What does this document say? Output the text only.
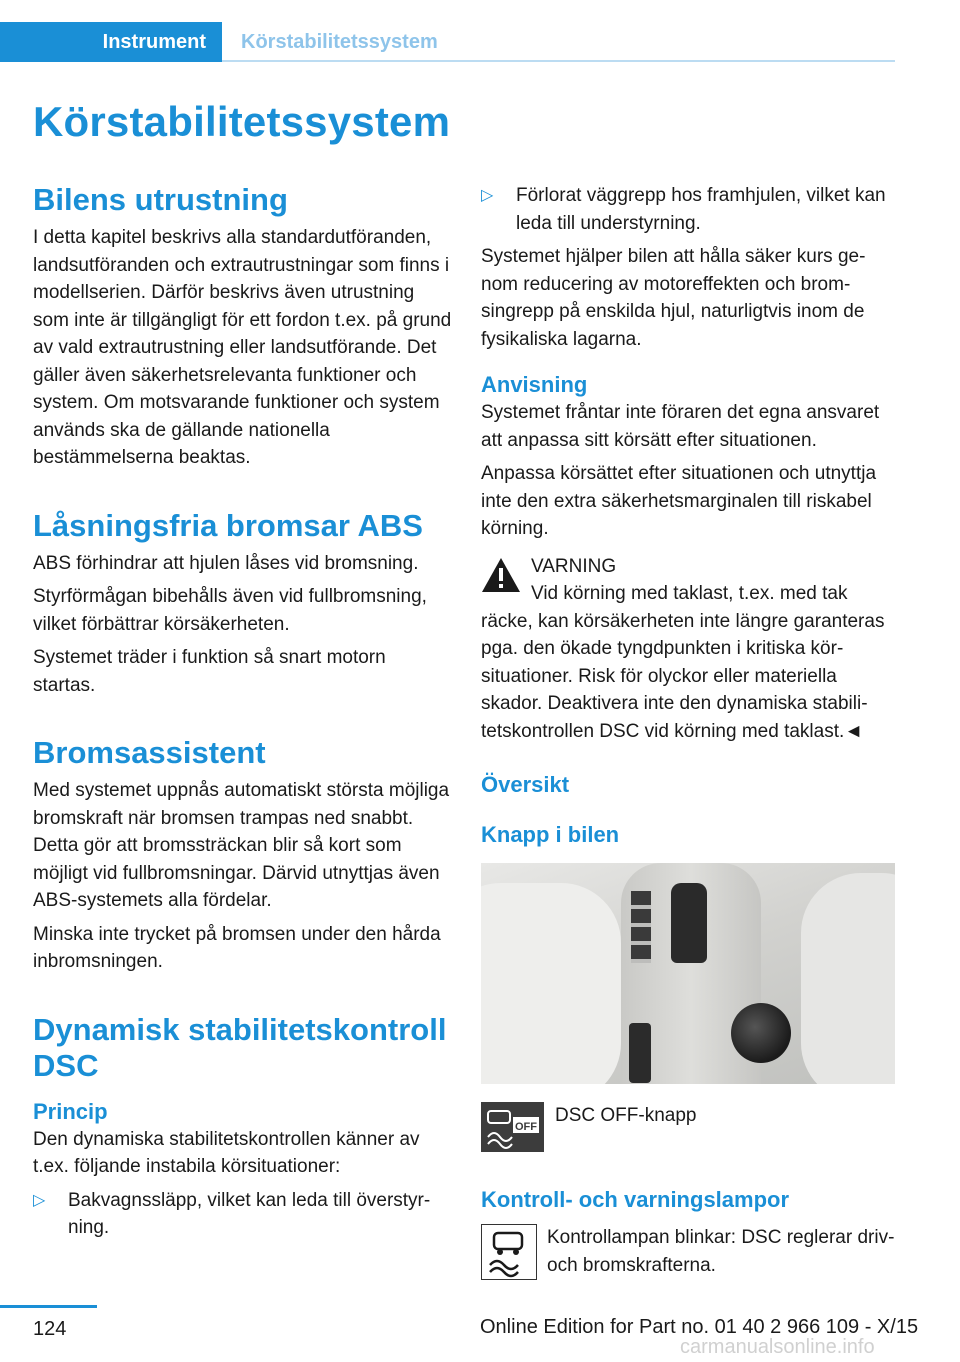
Instrument	Körstabilitetssystem
Körstabilitetssystem
Bilens utrustning

I detta kapitel beskrivs alla standardutföranden, landsutföranden och extrautrustningar som finns i modellserien. Därför beskrivs även utrustning som inte är tillgängligt för ett fordon t.ex. på grund av vald extrautrustning eller landsutförande. Det gäller även säkerhetsrelevanta funktioner och system. Om motsvarande funktioner och system används ska de gällande nationella bestämmelserna beaktas.

Låsningsfria bromsar ABS

ABS förhindrar att hjulen låses vid bromsning.

Styrförmågan bibehålls även vid fullbromsning, vilket förbättrar körsäkerheten.

Systemet träder i funktion så snart motorn startas.

Bromsassistent

Med systemet uppnås automatiskt största möjliga bromskraft när bromsen trampas ned snabbt. Detta gör att bromssträckan blir så kort som möjligt vid fullbromsningar. Därvid utnyttjas även ABS-systemets alla fördelar.

Minska inte trycket på bromsen under den hårda inbromsningen.

Dynamisk stabilitetskontroll DSC
Princip

Den dynamiska stabilitetskontrollen känner av t.ex. följande instabila körsituationer:

▷ Bakvagnssläpp, vilket kan leda till överstyrning.
▷ Förlorat väggrepp hos framhjulen, vilket kan leda till understyrning.

Systemet hjälper bilen att hålla säker kurs genom reducering av motoreffekten och bromsingrepp på enskilda hjul, naturligtvis inom de fysikaliska lagarna.

Anvisning

Systemet fråntar inte föraren det egna ansvaret att anpassa sitt körsätt efter situationen.

Anpassa körsättet efter situationen och utnyttja inte den extra säkerhetsmarginalen till riskabel körning.

VARNING

Vid körning med taklast, t.ex. med tak

räcke, kan körsäkerheten inte längre garanteras pga. den ökade tyngdpunkten i kritiska körsituationer. Risk för olyckor eller materiella skador. Deaktivera inte den dynamiska stabilitetskontrollen DSC vid körning med taklast.◄

Översikt
Knapp i bilen
OFF

DSC OFF-knapp

Kontroll- och varningslampor

Kontrollampan blinkar: DSC reglerar driv- och bromskrafterna.

124	Online Edition for Part no. 01 40 2 966 109 - X/15
carmanualsonline.info
